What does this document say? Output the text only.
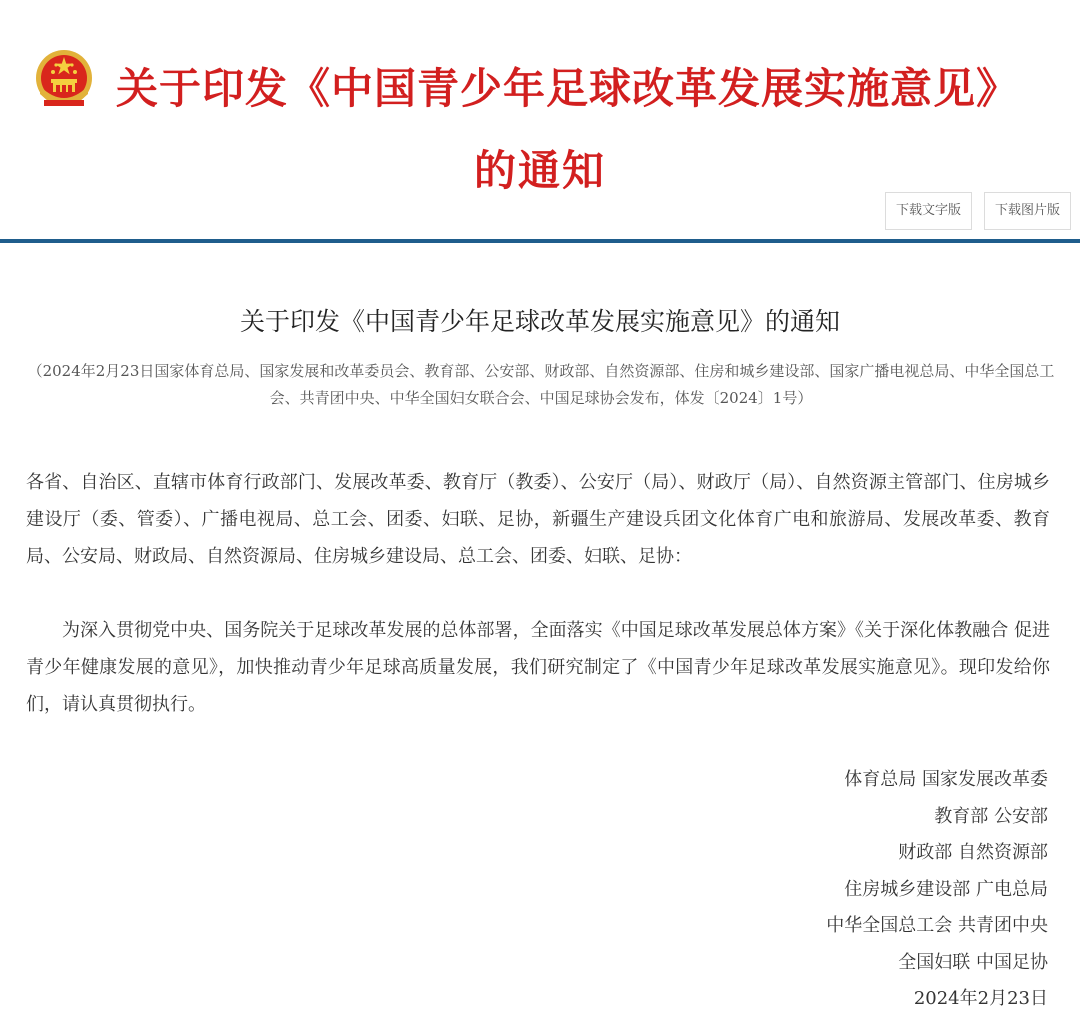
关于印发《中国青少年足球改革发展实施意见》
的通知
下载文字版	下载图片版
关于印发《中国青少年足球改革发展实施意见》的通知
（2024年2月23日国家体育总局、国家发展和改革委员会、教育部、公安部、财政部、自然资源部、住房和城乡建设部、国家广播电视总局、中华全国总工会、共青团中央、中华全国妇女联合会、中国足球协会发布，体发〔2024〕1号）
各省、自治区、直辖市体育行政部门、发展改革委、教育厅（教委）、公安厅（局）、财政厅（局）、自然资源主管部门、住房城乡建设厅（委、管委）、广播电视局、总工会、团委、妇联、足协，新疆生产建设兵团文化体育广电和旅游局、发展改革委、教育局、公安局、财政局、自然资源局、住房城乡建设局、总工会、团委、妇联、足协：
为深入贯彻党中央、国务院关于足球改革发展的总体部署，全面落实《中国足球改革发展总体方案》《关于深化体教融合 促进青少年健康发展的意见》，加快推动青少年足球高质量发展，我们研究制定了《中国青少年足球改革发展实施意见》。现印发给你们，请认真贯彻执行。
体育总局 国家发展改革委
教育部 公安部
财政部 自然资源部
住房城乡建设部 广电总局
中华全国总工会 共青团中央
全国妇联 中国足协
2024年2月23日
